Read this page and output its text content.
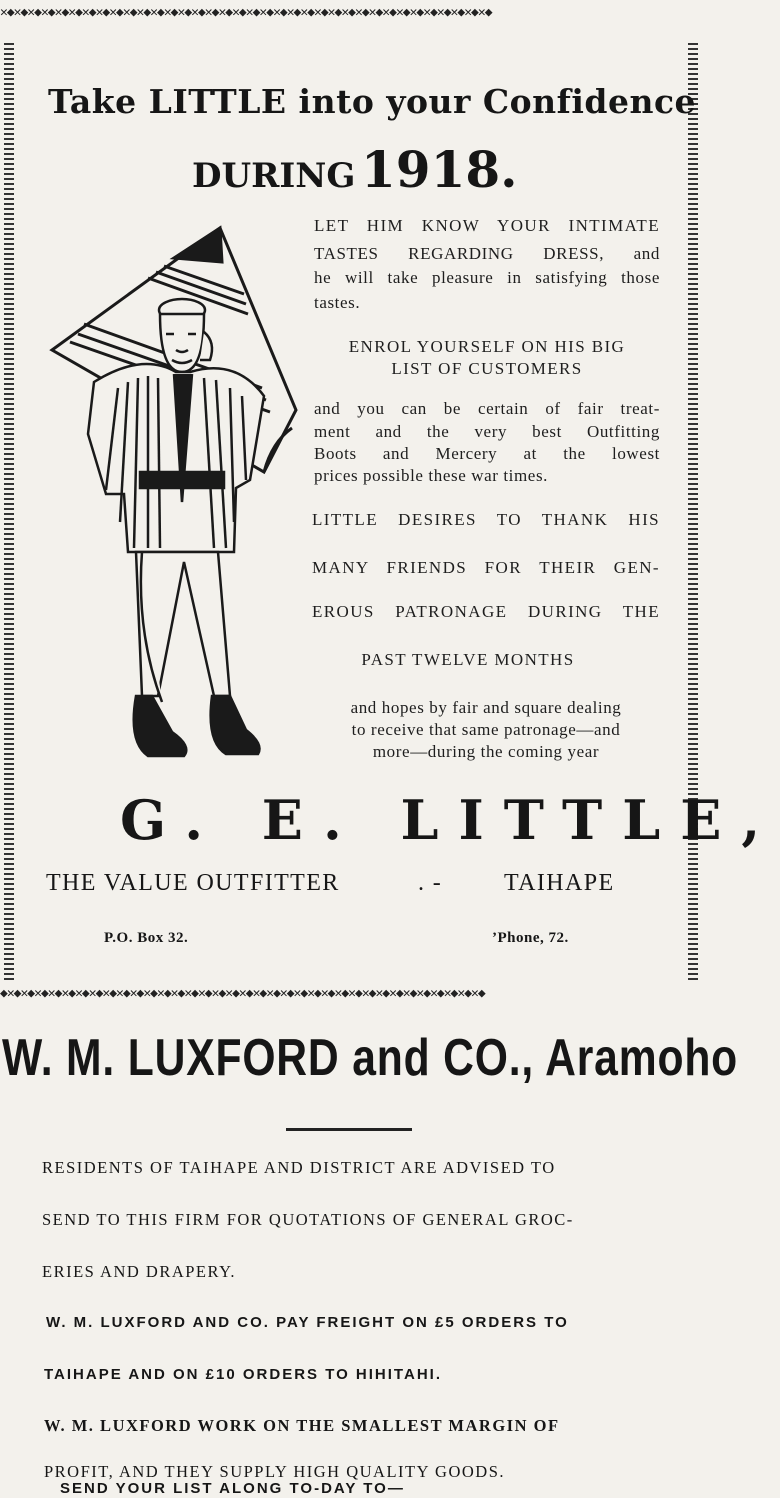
✕◆✕◆✕◆✕◆✕◆✕◆✕◆✕◆✕◆✕◆✕◆✕◆✕◆✕◆✕◆✕◆✕◆✕◆✕◆✕◆✕◆✕◆✕◆✕◆✕◆✕◆✕◆✕◆✕◆✕◆✕◆✕◆✕◆✕◆✕◆✕◆
Take LITTLE into your Confidence
DURING 1918.
LET HIM KNOW YOUR INTIMATE
TASTES REGARDING DRESS, and
he will take pleasure in satisfying those
tastes.
ENROL YOURSELF ON HIS BIG
LIST OF CUSTOMERS
and you can be certain of fair treat-
ment and the very best Outfitting
Boots and Mercery at the lowest
prices possible these war times.
LITTLE DESIRES TO THANK HIS
MANY FRIENDS FOR THEIR GEN-
EROUS PATRONAGE DURING THE
PAST TWELVE MONTHS
and hopes by fair and square dealing
to receive that same patronage—and
more—during the coming year
G. E. LITTLE,
THE VALUE OUTFITTER	. -	TAIHAPE
P.O. Box 32.	’Phone, 72.
◆✕◆✕◆✕◆✕◆✕◆✕◆✕◆✕◆✕◆✕◆✕◆✕◆✕◆✕◆✕◆✕◆✕◆✕◆✕◆✕◆✕◆✕◆✕◆✕◆✕◆✕◆✕◆✕◆✕◆✕◆✕◆✕◆✕◆✕◆✕◆
W. M. LUXFORD and CO., Aramoho
RESIDENTS OF TAIHAPE AND DISTRICT ARE ADVISED TO
SEND TO THIS FIRM FOR QUOTATIONS OF GENERAL GROC-
ERIES AND DRAPERY.
W. M. LUXFORD AND CO. PAY FREIGHT ON £5 ORDERS TO
TAIHAPE AND ON £10 ORDERS TO HIHITAHI.
W. M. LUXFORD WORK ON THE SMALLEST MARGIN OF
PROFIT, AND THEY SUPPLY HIGH QUALITY GOODS.
SEND YOUR LIST ALONG TO-DAY TO—
